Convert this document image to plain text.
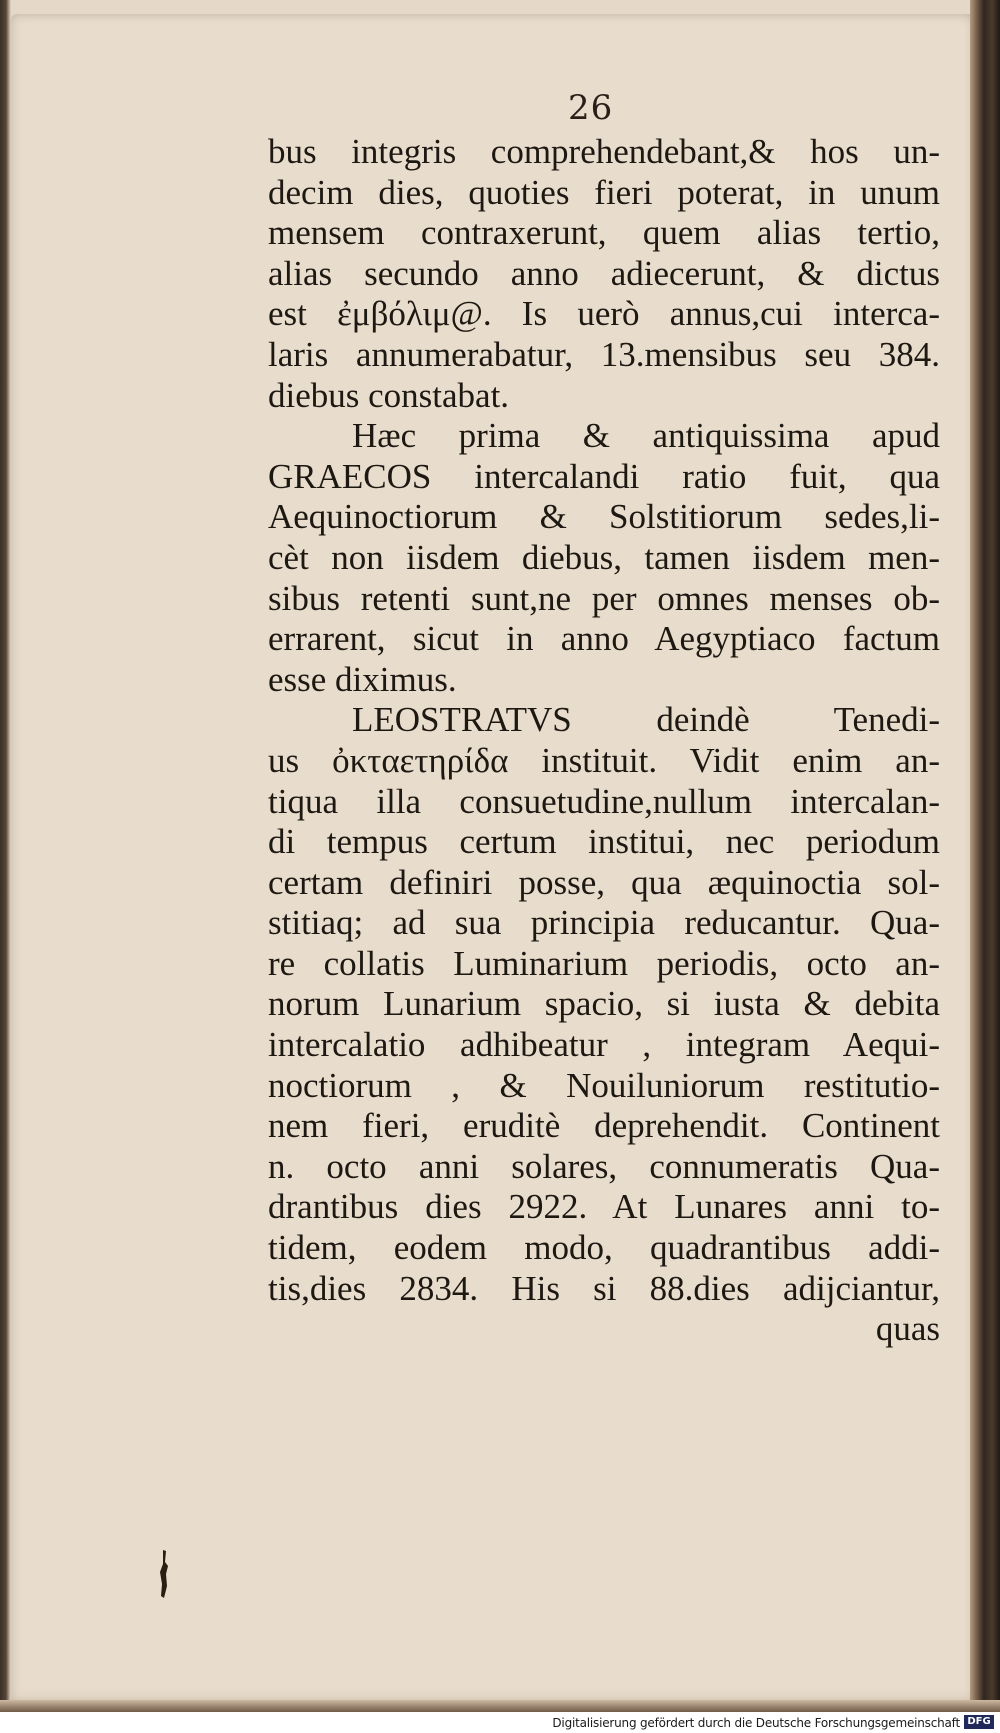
26
bus integris comprehendebant,& hos un-
decim dies, quoties fieri poterat, in unum
mensem contraxerunt, quem alias tertio,
alias secundo anno adiecerunt, & dictus
est ἐμβόλιμ@. Is uerò annus,cui interca-
laris annumerabatur, 13.mensibus seu 384.
diebus constabat.
Hæc prima & antiquissima apud
GRAECOS intercalandi ratio fuit, qua
Aequinoctiorum & Solstitiorum sedes,li-
cèt non iisdem diebus, tamen iisdem men-
sibus retenti sunt,ne per omnes menses ob-
errarent, sicut in anno Aegyptiaco factum
esse diximus.
LEOSTRATVS deindè Tenedi-
us ὀκταετηρίδα instituit. Vidit enim an-
tiqua illa consuetudine,nullum intercalan-
di tempus certum institui, nec periodum
certam definiri posse, qua æquinoctia sol-
stitiaq; ad sua principia reducantur. Qua-
re collatis Luminarium periodis, octo an-
norum Lunarium spacio, si iusta & debita
intercalatio adhibeatur , integram Aequi-
noctiorum , & Nouiluniorum restitutio-
nem fieri, eruditè deprehendit. Continent
n. octo anni solares, connumeratis Qua-
drantibus dies 2922. At Lunares anni to-
tidem, eodem modo, quadrantibus addi-
tis,dies 2834. His si 88.dies adijciantur,
quas
Digitalisierung gefördert durch die Deutsche Forschungsgemeinschaft DFG
